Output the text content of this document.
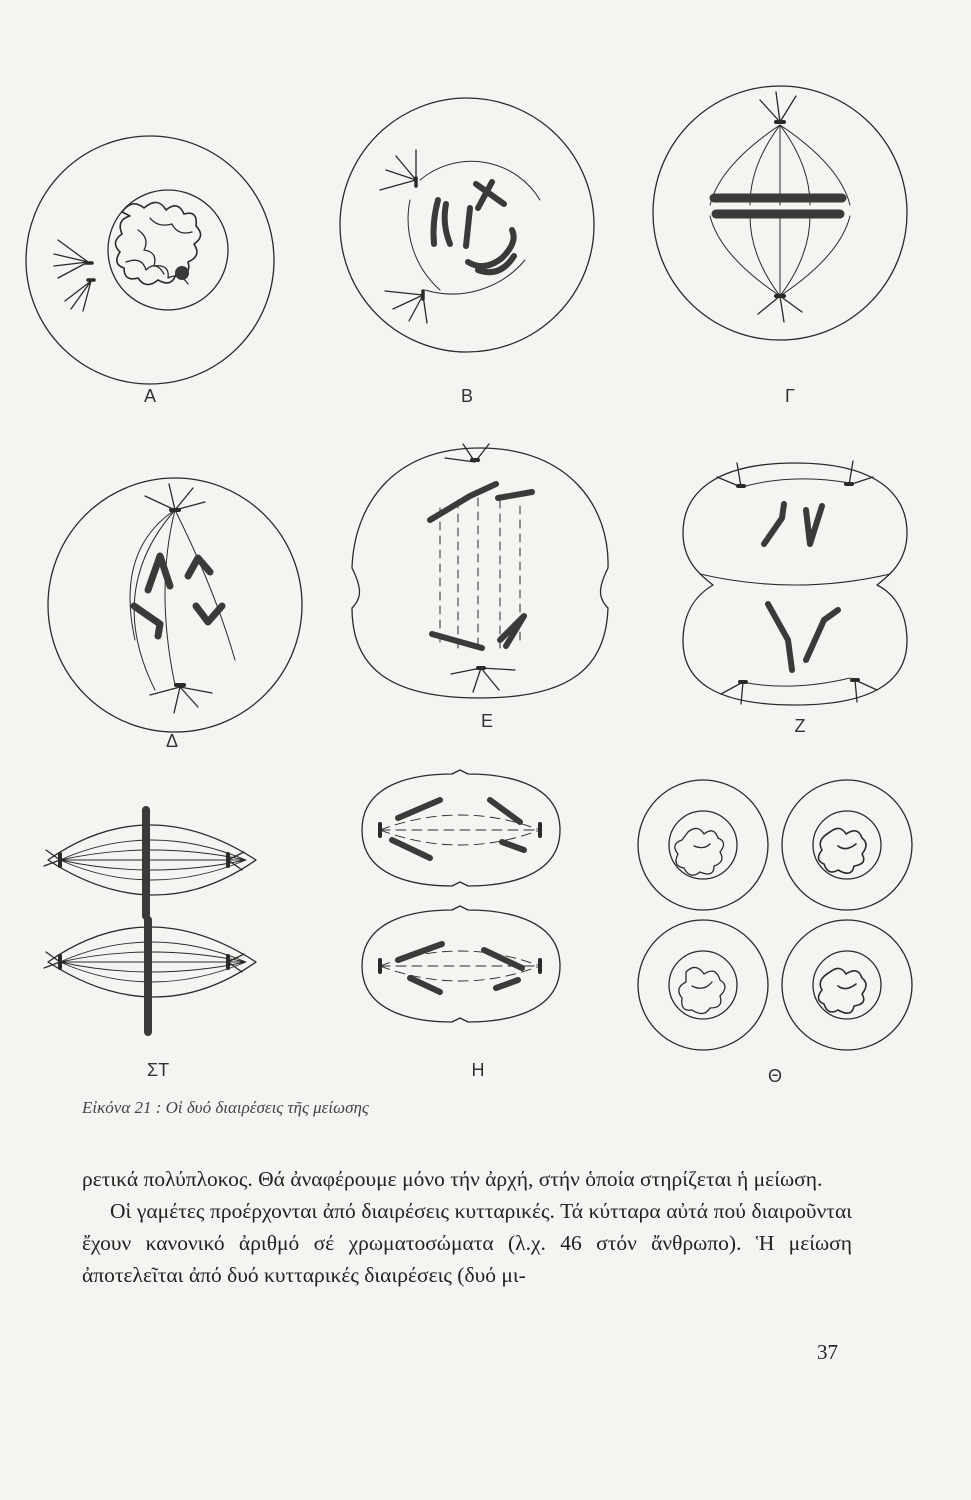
A	B	Γ
Δ
E	Z
ΣΤ	H	Θ
Εἰκόνα 21 : Οἱ δυό διαιρέσεις τῆς μείωσης

ρετικά πολύπλοκος. Θά ἀναφέρουμε μόνο τήν ἀρχή, στήν ὁποία στηρίζεται ἡ μείωση.

Οἱ γαμέτες προέρχονται ἀπό διαιρέσεις κυτταρικές. Τά κύτταρα αὐτά πού διαιροῦνται ἔχουν κανονικό ἀριθμό σέ χρωματοσώματα (λ.χ. 46 στόν ἄνθρωπο). Ἡ μείωση ἀποτελεῖται ἀπό δυό κυτταρικές διαιρέσεις (δυό μι-

37
